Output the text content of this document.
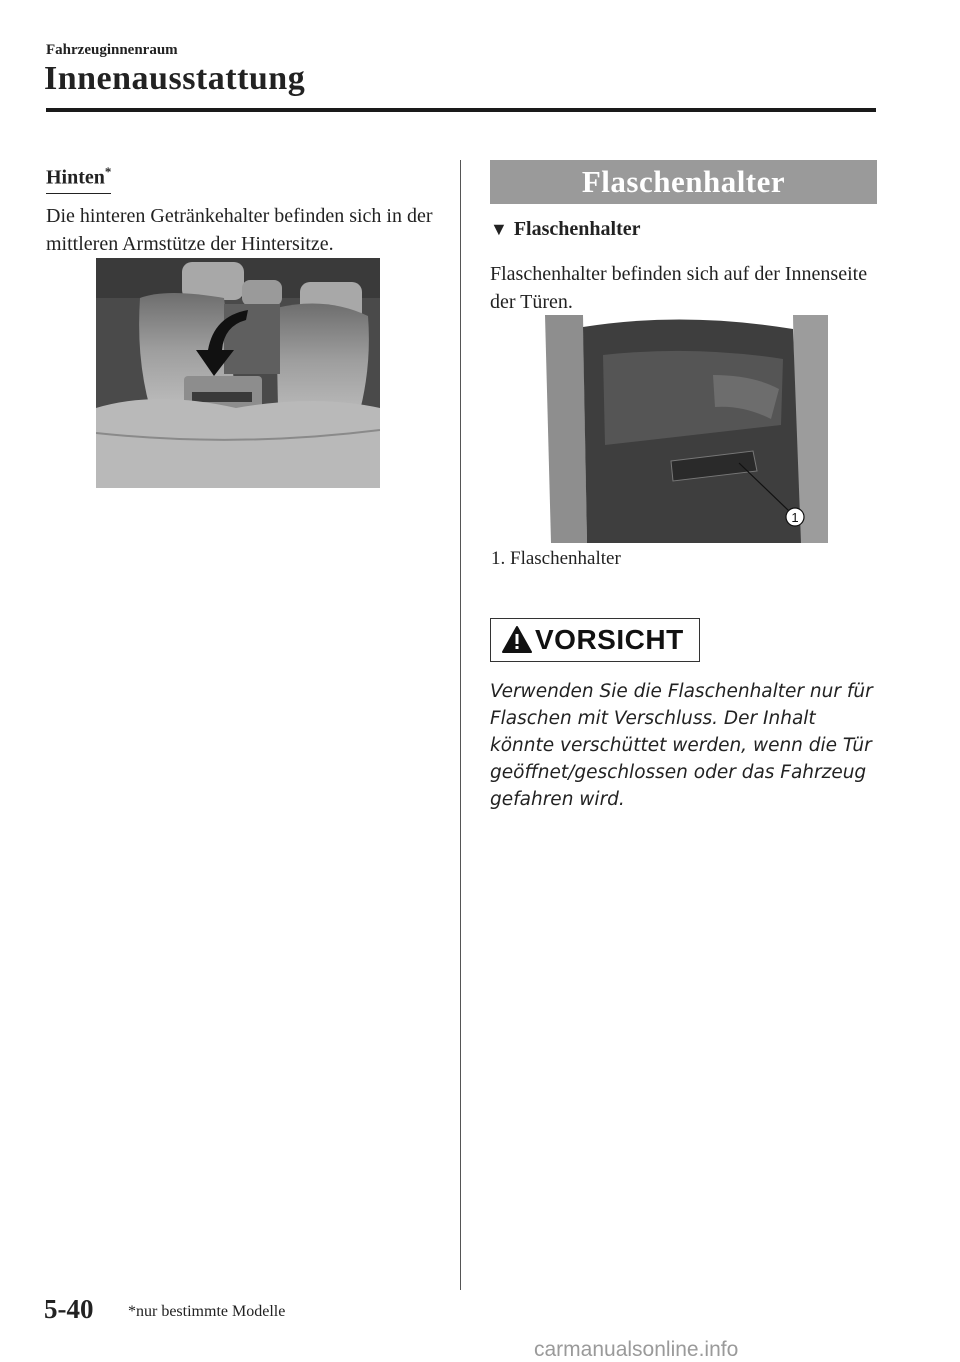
Fahrzeuginnenraum
Innenausstattung
Hinten*
Die hinteren Getränkehalter befinden sich in der mittleren Armstütze der Hintersitze.
Flaschenhalter
▼ Flaschenhalter
Flaschenhalter befinden sich auf der Innenseite der Türen.
1
1. Flaschenhalter
VORSICHT
Verwenden Sie die Flaschenhalter nur für Flaschen mit Verschluss. Der Inhalt könnte verschüttet werden, wenn die Tür geöffnet/geschlossen oder das Fahrzeug gefahren wird.
5-40 *nur bestimmte Modelle
carmanualsonline.info
